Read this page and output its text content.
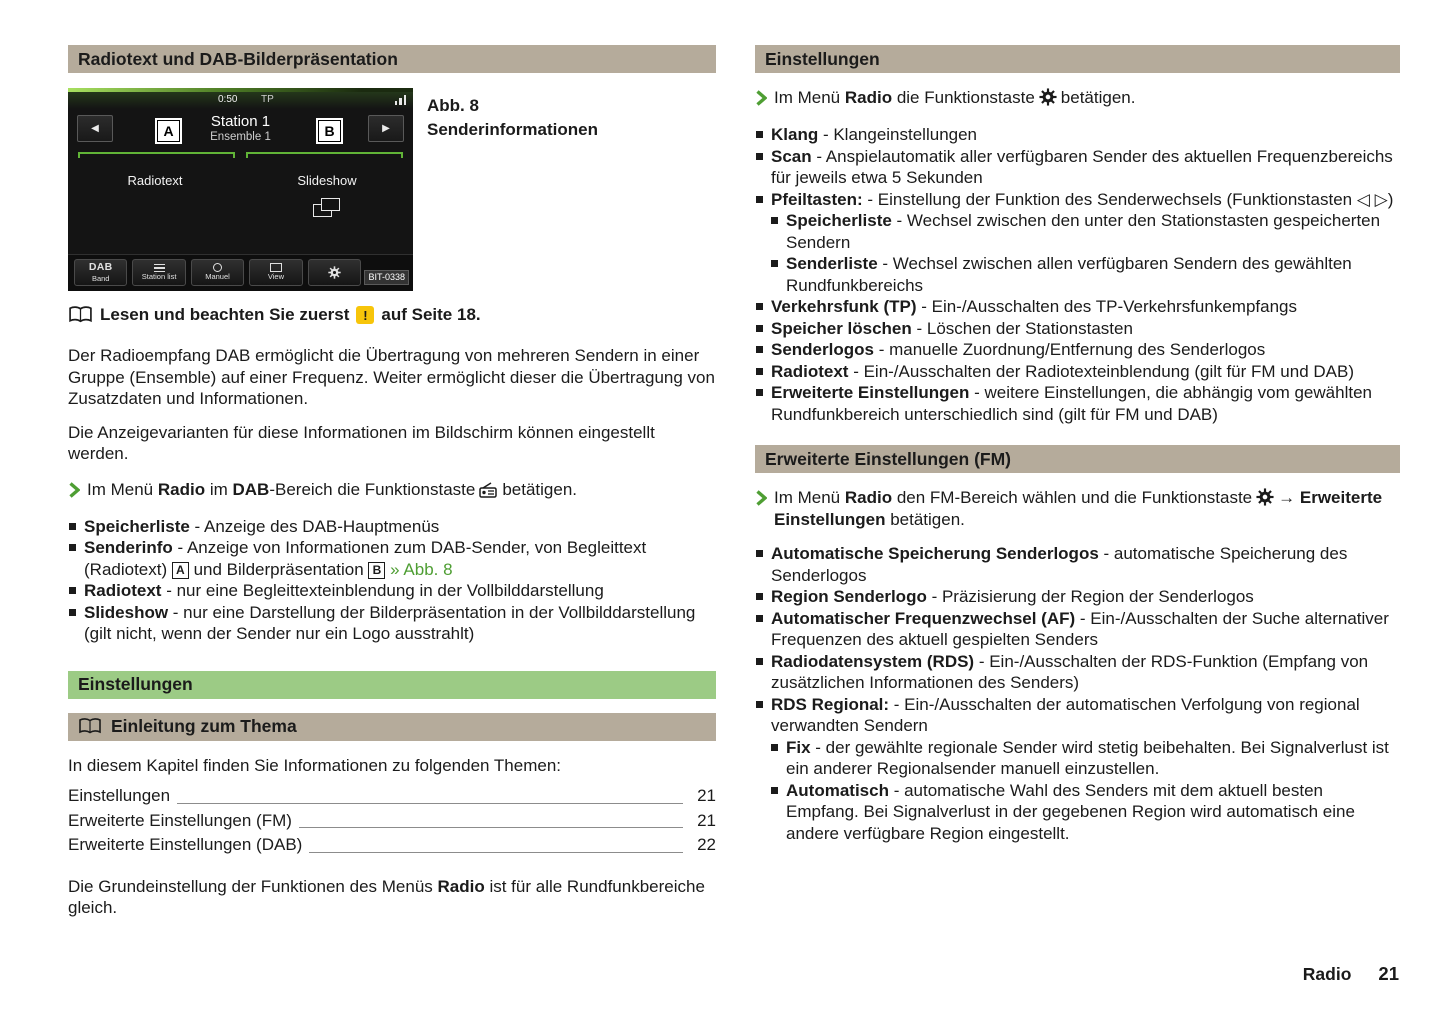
Radiotext und DAB-Bilderpräsentation
0:50 TP
◀	▶
Station 1
Ensemble 1
A	B
Radiotext	Slideshow
DAB
Band	Station list	Manuel	View	BIT-0338
Abb. 8
Senderinformationen
Lesen und beachten Sie zuerst	! auf Seite 18.

Der Radioempfang DAB ermöglicht die Übertragung von mehreren Sendern in einer Gruppe (Ensemble) auf einer Frequenz. Weiter ermöglicht dieser die Übertragung von Zusatzdaten und Informationen.

Die Anzeigevarianten für diese Informationen im Bildschirm können eingestellt werden.

Im Menü Radio im DAB-Bereich die Funktionstaste betätigen.

Speicherliste - Anzeige des DAB-Hauptmenüs
Senderinfo - Anzeige von Informationen zum DAB-Sender, von Begleittext (Radiotext) A und Bilderpräsentation B » Abb. 8
Radiotext - nur eine Begleittexteinblendung in der Vollbilddarstellung
Slideshow - nur eine Darstellung der Bilderpräsentation in der Vollbilddarstellung (gilt nicht, wenn der Sender nur ein Logo ausstrahlt)
Einstellungen
Einleitung zum Thema

In diesem Kapitel finden Sie Informationen zu folgenden Themen:

Einstellungen	21
Erweiterte Einstellungen (FM)	21
Erweiterte Einstellungen (DAB)	22

Die Grundeinstellung der Funktionen des Menüs Radio ist für alle Rundfunkbereiche gleich.

Einstellungen

Im Menü Radio die Funktionstaste betätigen.

Klang - Klangeinstellungen
Scan - Anspielautomatik aller verfügbaren Sender des aktuellen Frequenzbereichs für jeweils etwa 5 Sekunden
Pfeiltasten: - Einstellung der Funktion des Senderwechsels (Funktionstasten ◁ ▷)
Speicherliste - Wechsel zwischen den unter den Stationstasten gespeicherten Sendern
Senderliste - Wechsel zwischen allen verfügbaren Sendern des gewählten Rundfunkbereichs
Verkehrsfunk (TP) - Ein-/Ausschalten des TP-Verkehrsfunkempfangs
Speicher löschen - Löschen der Stationstasten
Senderlogos - manuelle Zuordnung/Entfernung des Senderlogos
Radiotext - Ein-/Ausschalten der Radiotexteinblendung (gilt für FM und DAB)
Erweiterte Einstellungen - weitere Einstellungen, die abhängig vom gewählten Rundfunkbereich unterschiedlich sind (gilt für FM und DAB)
Erweiterte Einstellungen (FM)

Im Menü Radio den FM-Bereich wählen und die Funktionstaste → Erweiterte Einstellungen betätigen.

Automatische Speicherung Senderlogos - automatische Speicherung des Senderlogos
Region Senderlogo - Präzisierung der Region der Senderlogos
Automatischer Frequenzwechsel (AF) - Ein-/Ausschalten der Suche alternativer Frequenzen des aktuell gespielten Senders
Radiodatensystem (RDS) - Ein-/Ausschalten der RDS-Funktion (Empfang von zusätzlichen Informationen des Senders)
RDS Regional: - Ein-/Ausschalten der automatischen Verfolgung von regional verwandten Sendern
Fix - der gewählte regionale Sender wird stetig beibehalten. Bei Signalverlust ist ein anderer Regionalsender manuell einzustellen.
Automatisch - automatische Wahl des Senders mit dem aktuell besten Empfang. Bei Signalverlust in der gegebenen Region wird automatisch eine andere verfügbare Region eingestellt.
Radio 21
